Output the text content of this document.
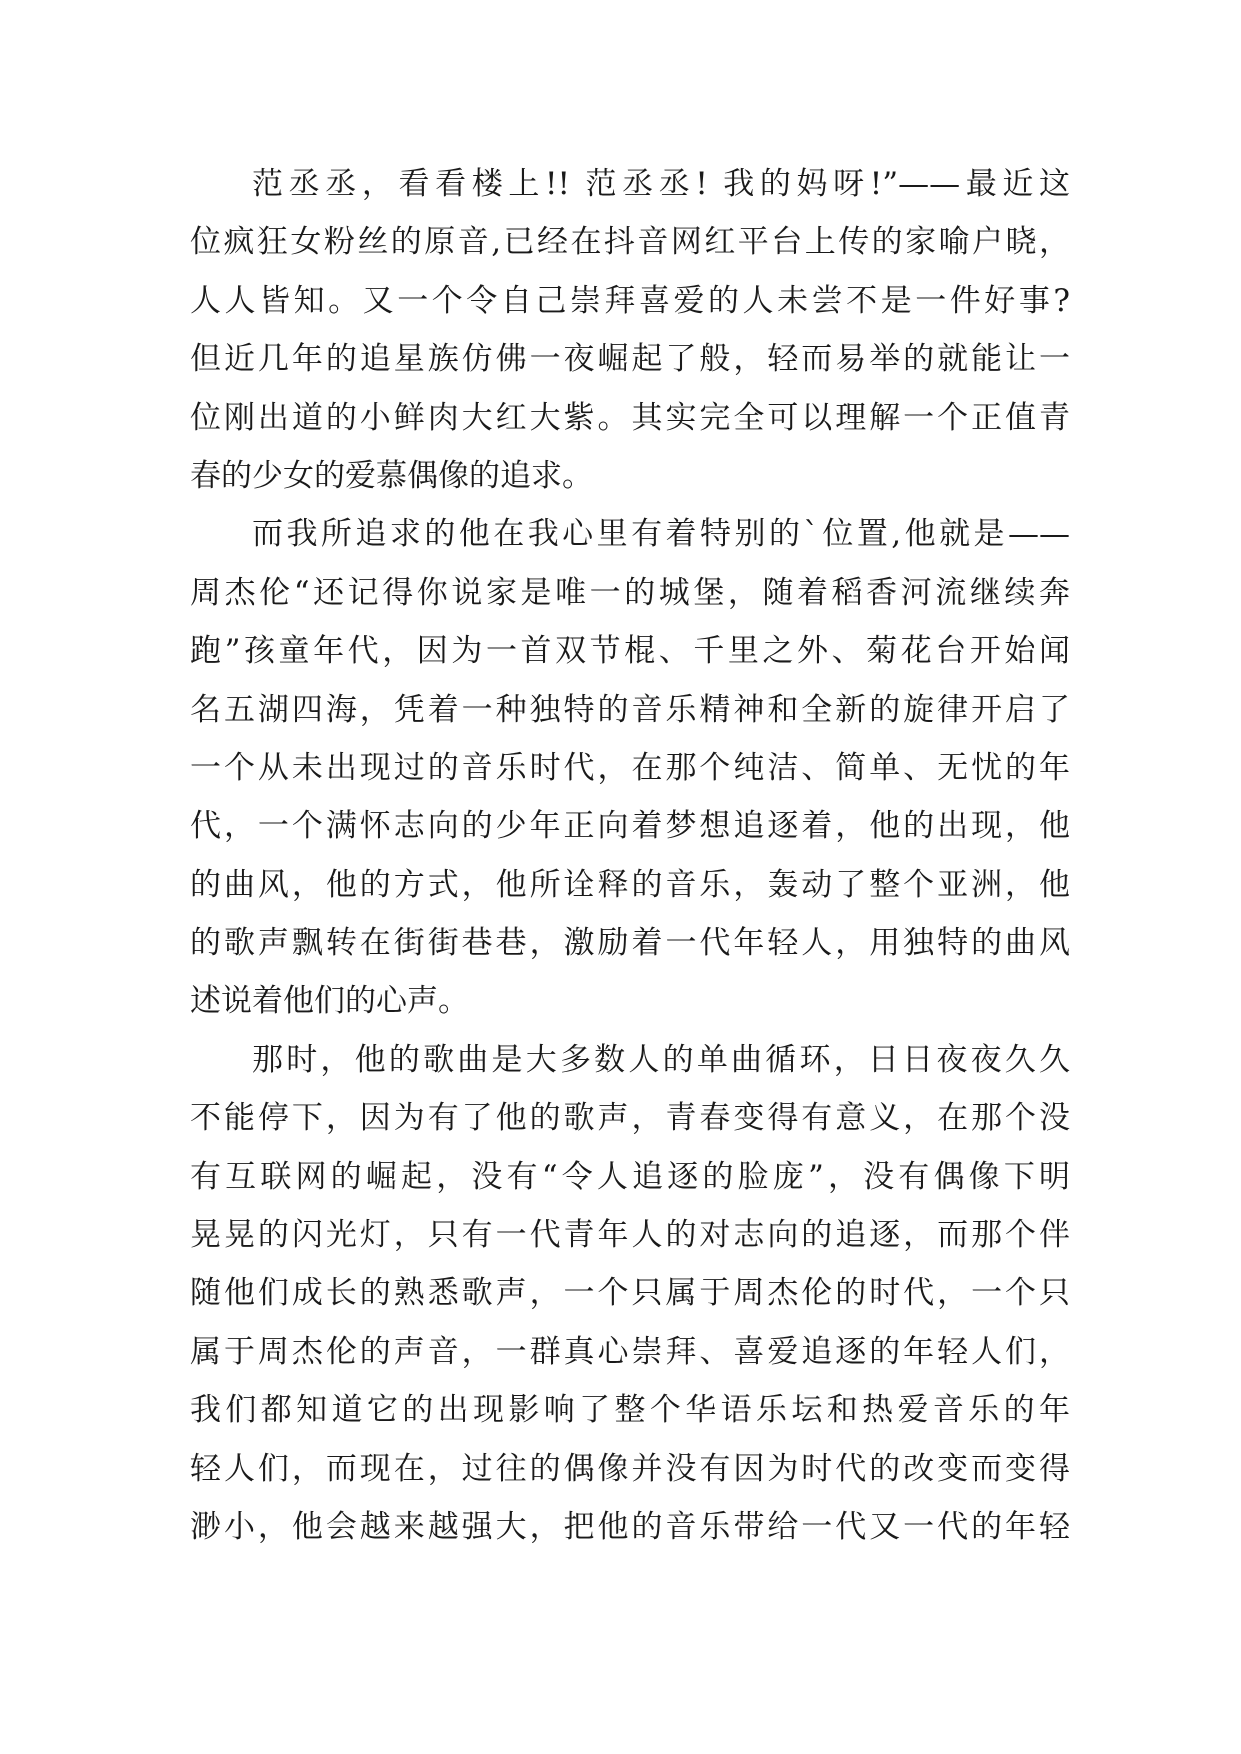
范丞丞，看看楼上!! 范丞丞! 我的妈呀!”——最近这
位疯狂女粉丝的原音,已经在抖音网红平台上传的家喻户晓，
人人皆知。又一个令自己崇拜喜爱的人未尝不是一件好事?
但近几年的追星族仿佛一夜崛起了般，轻而易举的就能让一
位刚出道的小鲜肉大红大紫。其实完全可以理解一个正值青
春的少女的爱慕偶像的追求。
而我所追求的他在我心里有着特别的`位置,他就是——
周杰伦“还记得你说家是唯一的城堡，随着稻香河流继续奔
跑”孩童年代，因为一首双节棍、千里之外、菊花台开始闻
名五湖四海，凭着一种独特的音乐精神和全新的旋律开启了
一个从未出现过的音乐时代，在那个纯洁、简单、无忧的年
代，一个满怀志向的少年正向着梦想追逐着，他的出现，他
的曲风，他的方式，他所诠释的音乐，轰动了整个亚洲，他
的歌声飘转在街街巷巷，激励着一代年轻人，用独特的曲风
述说着他们的心声。
那时，他的歌曲是大多数人的单曲循环，日日夜夜久久
不能停下，因为有了他的歌声，青春变得有意义，在那个没
有互联网的崛起，没有“令人追逐的脸庞”，没有偶像下明
晃晃的闪光灯，只有一代青年人的对志向的追逐，而那个伴
随他们成长的熟悉歌声，一个只属于周杰伦的时代，一个只
属于周杰伦的声音，一群真心崇拜、喜爱追逐的年轻人们，
我们都知道它的出现影响了整个华语乐坛和热爱音乐的年
轻人们，而现在，过往的偶像并没有因为时代的改变而变得
渺小，他会越来越强大，把他的音乐带给一代又一代的年轻
